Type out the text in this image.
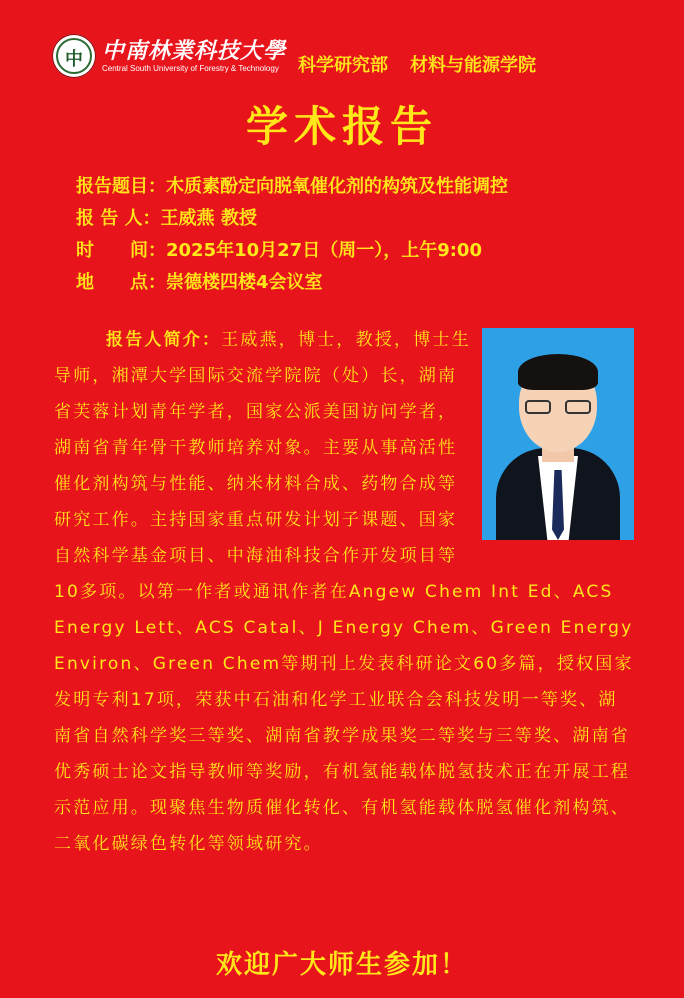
中 中南林業科技大學
Central South University of Forestry & Technology	科学研究部 材料与能源学院
学术报告
报告题目：木质素酚定向脱氧催化剂的构筑及性能调控
报 告 人：王威燕 教授
时　　间：2025年10月27日（周一），上午9:00
地　　点：崇德楼四楼4会议室
报告人简介：王威燕，博士，教授，博士生导师，湘潭大学国际交流学院院（处）长，湖南省芙蓉计划青年学者，国家公派美国访问学者，湖南省青年骨干教师培养对象。主要从事高活性催化剂构筑与性能、纳米材料合成、药物合成等研究工作。主持国家重点研发计划子课题、国家自然科学基金项目、中海油科技合作开发项目等10多项。以第一作者或通讯作者在Angew Chem Int Ed、ACS Energy Lett、ACS Catal、J Energy Chem、Green Energy Environ、Green Chem等期刊上发表科研论文60多篇，授权国家发明专利17项，荣获中石油和化学工业联合会科技发明一等奖、湖南省自然科学奖三等奖、湖南省教学成果奖二等奖与三等奖、湖南省优秀硕士论文指导教师等奖励，有机氢能载体脱氢技术正在开展工程示范应用。现聚焦生物质催化转化、有机氢能载体脱氢催化剂构筑、二氧化碳绿色转化等领域研究。
欢迎广大师生参加！
